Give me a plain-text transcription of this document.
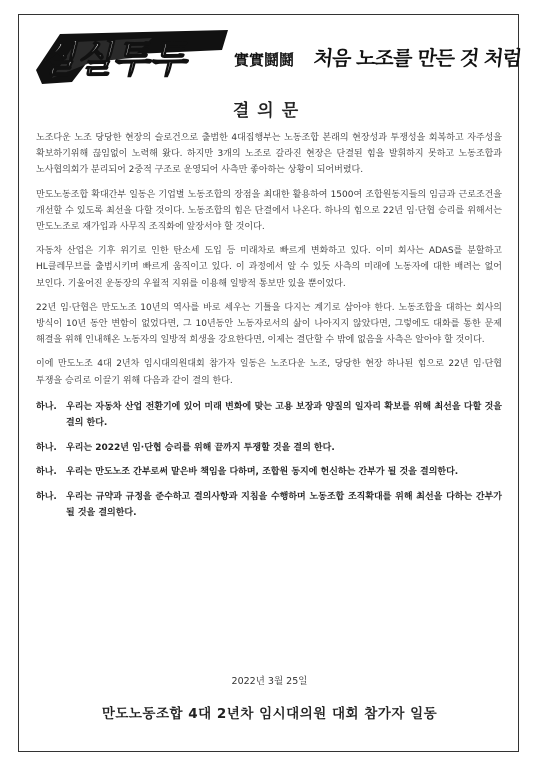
실실투투	實實鬪鬪 처음 노조를 만든 것 처럼
결의문

노조다운 노조 당당한 현장의 슬로건으로 출범한 4대집행부는 노동조합 본래의 현장성과 투쟁성을 회복하고 자주성을 확보하기위해 끊임없이 노력해 왔다. 하지만 3개의 노조로 갈라진 현장은 단결된 힘을 발휘하지 못하고 노동조합과 노사협의회가 분리되어 2중적 구조로 운영되어 사측만 좋아하는 상황이 되어버렸다.

만도노동조합 확대간부 일동은 기업별 노동조합의 장점을 최대한 활용하여 1500여 조합원동지들의 임금과 근로조건을 개선할 수 있도록 최선을 다할 것이다. 노동조합의 힘은 단결에서 나온다. 하나의 힘으로 22년 임·단협 승리를 위해서는 만도노조로 재가입과 사무직 조직화에 앞장서야 할 것이다.

자동차 산업은 기후 위기로 인한 탄소세 도입 등 미래차로 빠르게 변화하고 있다. 이미 회사는 ADAS를 분할하고 HL클레무브를 출범시키며 빠르게 움직이고 있다. 이 과정에서 알 수 있듯 사측의 미래에 노동자에 대한 배려는 없어 보인다. 기울어진 운동장의 우월적 지위를 이용해 일방적 통보만 있을 뿐이었다.

22년 임·단협은 만도노조 10년의 역사를 바로 세우는 기틀을 다지는 계기로 삼아야 한다. 노동조합을 대하는 회사의 방식이 10년 동안 변함이 없었다면, 그 10년동안 노동자로서의 삶이 나아지지 않았다면, 그렇에도 대화를 통한 문제 해결을 위해 인내해온 노동자의 일방적 희생을 강요한다면, 이제는 결단할 수 밖에 없음을 사측은 알아야 할 것이다.

이에 만도노조 4대 2년차 임시대의원대회 참가자 일동은 노조다운 노조, 당당한 현장 하나된 힘으로 22년 임·단협 투쟁을 승리로 이끌기 위해 다음과 같이 결의 한다.

하나.	우리는 자동차 산업 전환기에 있어 미래 변화에 맞는 고용 보장과 양질의 일자리 확보를 위해 최선을 다할 것을 결의 한다.
하나.	우리는 2022년 임·단협 승리를 위해 끝까지 투쟁할 것을 결의 한다.
하나.	우리는 만도노조 간부로써 맡은바 책임을 다하며, 조합원 동지에 헌신하는 간부가 될 것을 결의한다.
하나.	우리는 규약과 규정을 준수하고 결의사항과 지침을 수행하며 노동조합 조직확대를 위해 최선을 다하는 간부가 될 것을 결의한다.
2022년 3월 25일
만도노동조합 4대 2년차 임시대의원 대회 참가자 일동
